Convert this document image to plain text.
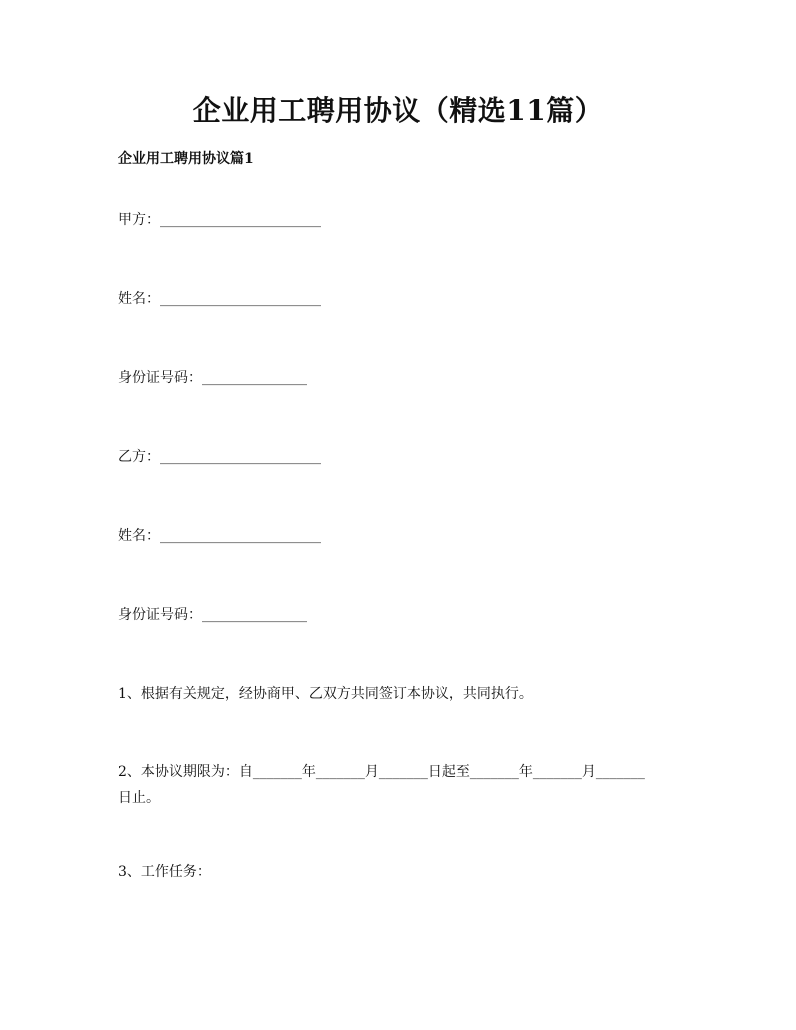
企业用工聘用协议（精选11篇）
企业用工聘用协议篇1
甲方：_______________________
姓名：_______________________
身份证号码：_______________
乙方：_______________________
姓名：_______________________
身份证号码：_______________
1、根据有关规定，经协商甲、乙双方共同签订本协议，共同执行。
2、本协议期限为：自_______年_______月_______日起至_______年_______月_______日止。
3、工作任务：
